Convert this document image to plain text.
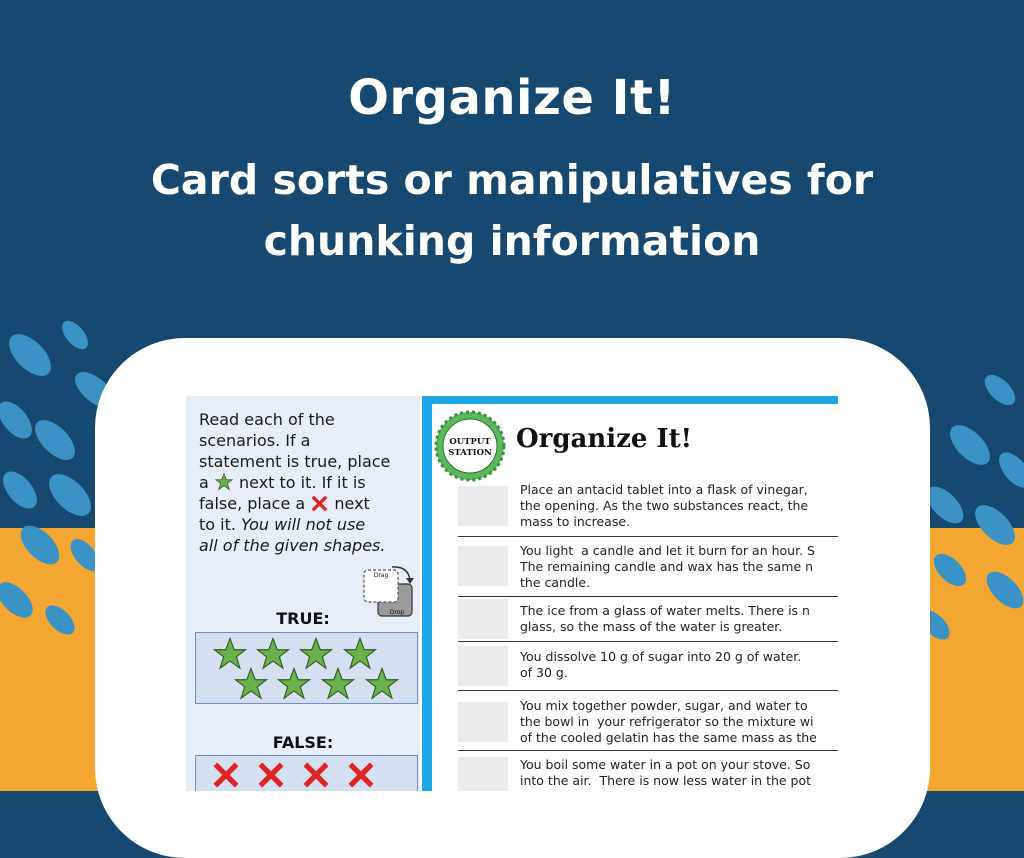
Organize It!
Card sorts or manipulatives for chunking information

Read each of the
scenarios. If a
statement is true, place
a next to it. If it is
false, place a next
to it. You will not use
all of the given shapes.

Drag
Drop
TRUE:
FALSE:
OUTPUT
STATION Organize It!

Place an antacid tablet into a flask of vinegar,
the opening. As the two substances react, the
mass to increase.

You light  a candle and let it burn for an hour. S
The remaining candle and wax has the same n
the candle.

The ice from a glass of water melts. There is n
glass, so the mass of the water is greater.

You dissolve 10 g of sugar into 20 g of water.
of 30 g.

You mix together powder, sugar, and water to
the bowl in  your refrigerator so the mixture wi
of the cooled gelatin has the same mass as the

You boil some water in a pot on your stove. So
into the air.  There is now less water in the pot
